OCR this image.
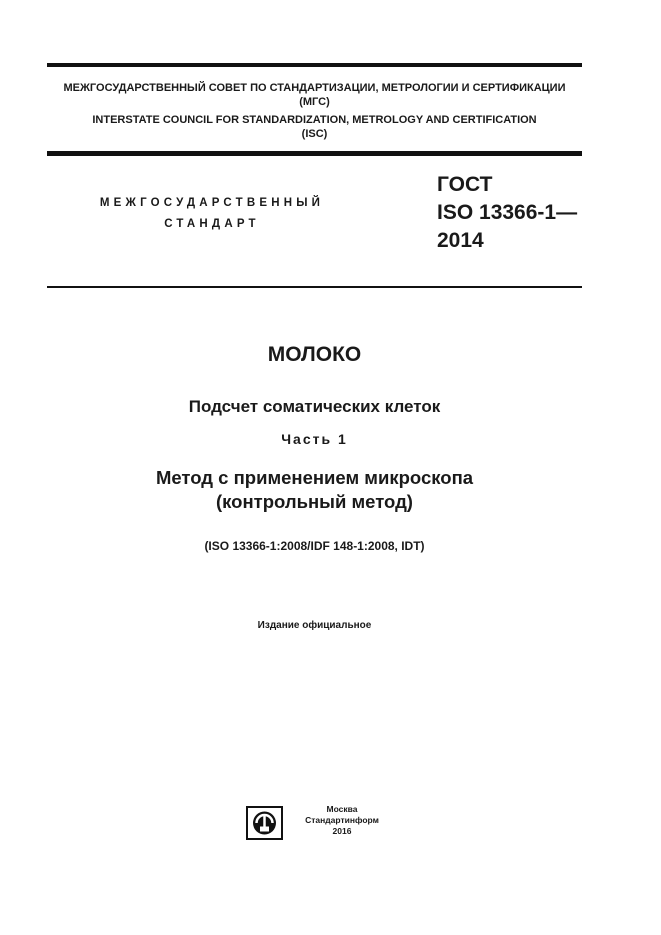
МЕЖГОСУДАРСТВЕННЫЙ СОВЕТ ПО СТАНДАРТИЗАЦИИ, МЕТРОЛОГИИ И СЕРТИФИКАЦИИ
(МГС)
INTERSTATE COUNCIL FOR STANDARDIZATION, METROLOGY AND CERTIFICATION
(ISC)
МЕЖГОСУДАРСТВЕННЫЙ
СТАНДАРТ
ГОСТ
ISO 13366-1—
2014
МОЛОКО
Подсчет соматических клеток
Часть 1
Метод с применением микроскопа
(контрольный метод)
(ISO 13366-1:2008/IDF 148-1:2008, IDT)
Издание официальное
Москва
Стандартинформ
2016
